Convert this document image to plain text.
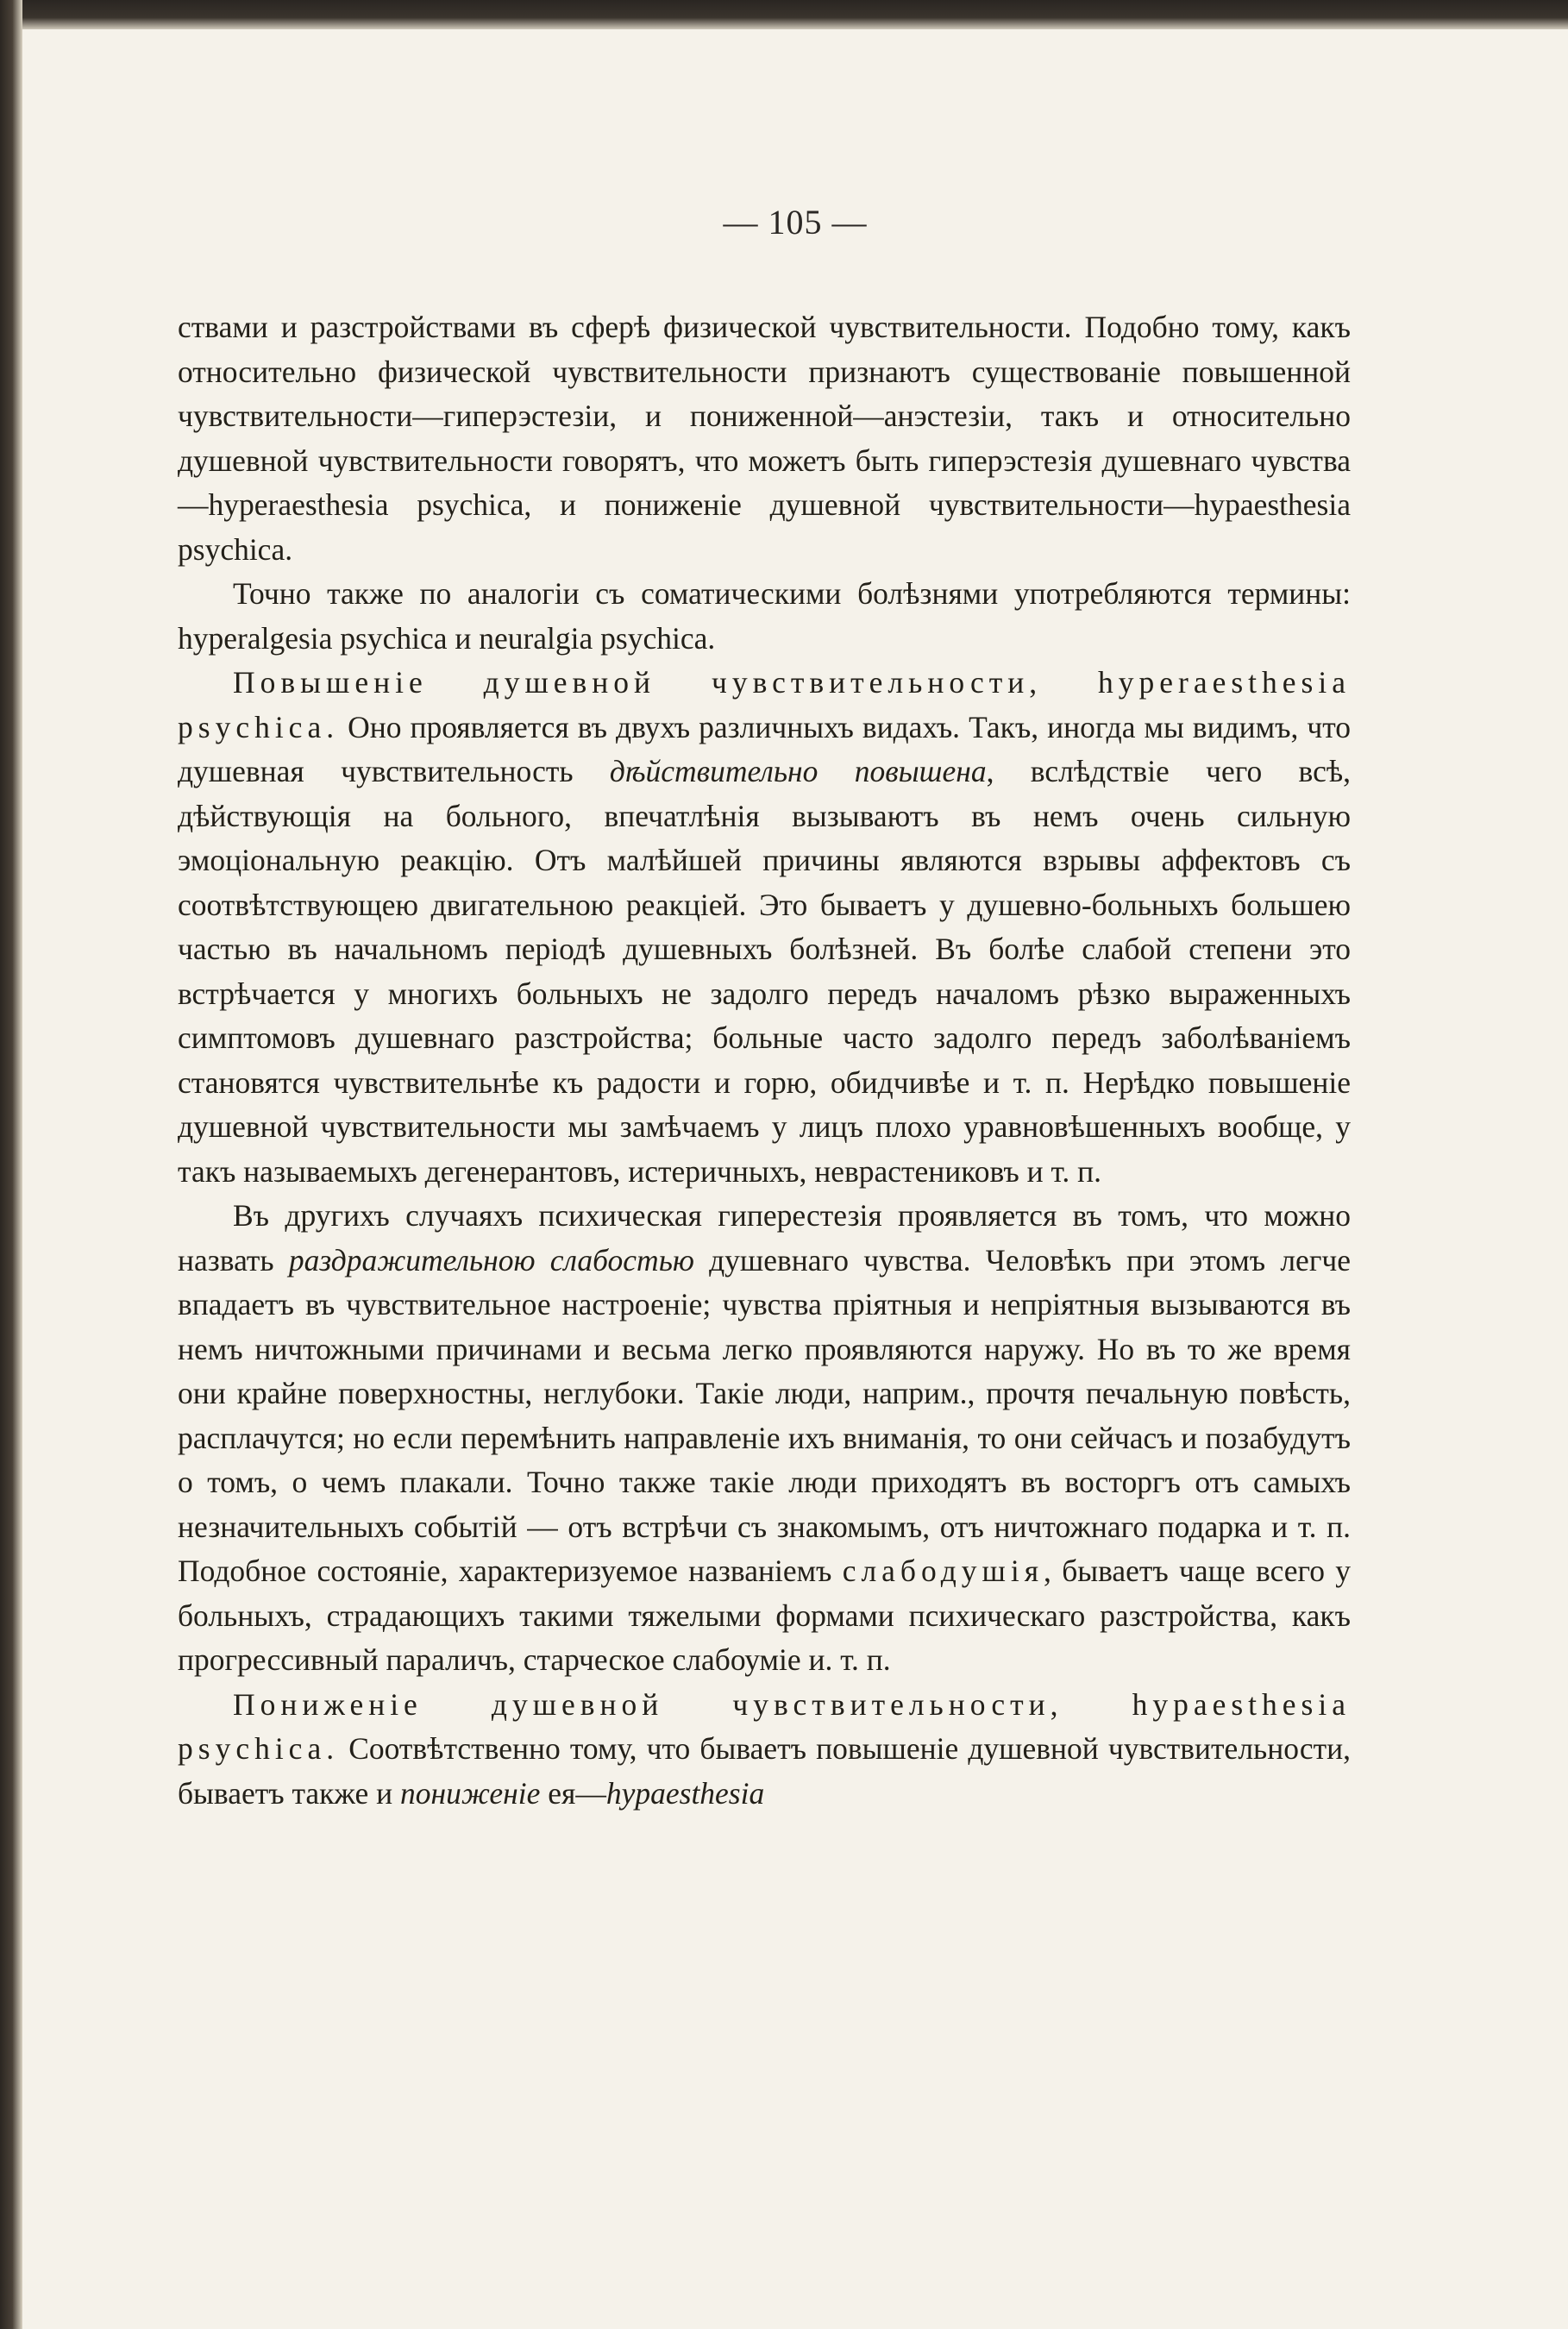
— 105 —

ствами и разстройствами въ сферѣ физической чувствительности. Подобно тому, какъ относительно физической чувствительности признаютъ существованіе повышенной чувствительности—гиперэстезіи, и пониженной—анэстезіи, такъ и относительно душевной чувствительности говорятъ, что можетъ быть гиперэстезія душевнаго чувства —hyperaesthesia psychica, и пониженіе душевной чувствительности—hypaesthesia psychica.

Точно также по аналогіи съ соматическими болѣзнями употребляются термины: hyperalgesia psychica и neuralgia psychica.

Повышеніе душевной чувствительности, hyperaesthesia psychica. Оно проявляется въ двухъ различныхъ видахъ. Такъ, иногда мы видимъ, что душевная чувствительность дѣйствительно повышена, вслѣдствіе чего всѣ, дѣйствующія на больного, впечатлѣнія вызываютъ въ немъ очень сильную эмоціональную реакцію. Отъ малѣйшей причины являются взрывы аффектовъ съ соотвѣтствующею двигательною реакціей. Это бываетъ у душевно-больныхъ большею частью въ начальномъ періодѣ душевныхъ болѣзней. Въ болѣе слабой степени это встрѣчается у многихъ больныхъ не задолго передъ началомъ рѣзко выраженныхъ симптомовъ душевнаго разстройства; больные часто задолго передъ заболѣваніемъ становятся чувствительнѣе къ радости и горю, обидчивѣе и т. п. Нерѣдко повышеніе душевной чувствительности мы замѣчаемъ у лицъ плохо уравновѣшенныхъ вообще, у такъ называемыхъ дегенерантовъ, истеричныхъ, неврастениковъ и т. п.

Въ другихъ случаяхъ психическая гиперестезія проявляется въ томъ, что можно назвать раздражительною слабостью душевнаго чувства. Человѣкъ при этомъ легче впадаетъ въ чувствительное настроеніе; чувства пріятныя и непріятныя вызываются въ немъ ничтожными причинами и весьма легко проявляются наружу. Но въ то же время они крайне поверхностны, неглубоки. Такіе люди, наприм., прочтя печальную повѣсть, расплачутся; но если перемѣнить направленіе ихъ вниманія, то они сейчасъ и позабудутъ о томъ, о чемъ плакали. Точно также такіе люди приходятъ въ восторгъ отъ самыхъ незначительныхъ событій — отъ встрѣчи съ знакомымъ, отъ ничтожнаго подарка и т. п. Подобное состояніе, характеризуемое названіемъ слабодушія, бываетъ чаще всего у больныхъ, страдающихъ такими тяжелыми формами психическаго разстройства, какъ прогрессивный параличъ, старческое слабоуміе и. т. п.

Пониженіе душевной чувствительности, hypaesthesia psychica. Соотвѣтственно тому, что бываетъ повышеніе душевной чувствительности, бываетъ также и пониженіе ея—hypaesthesia
